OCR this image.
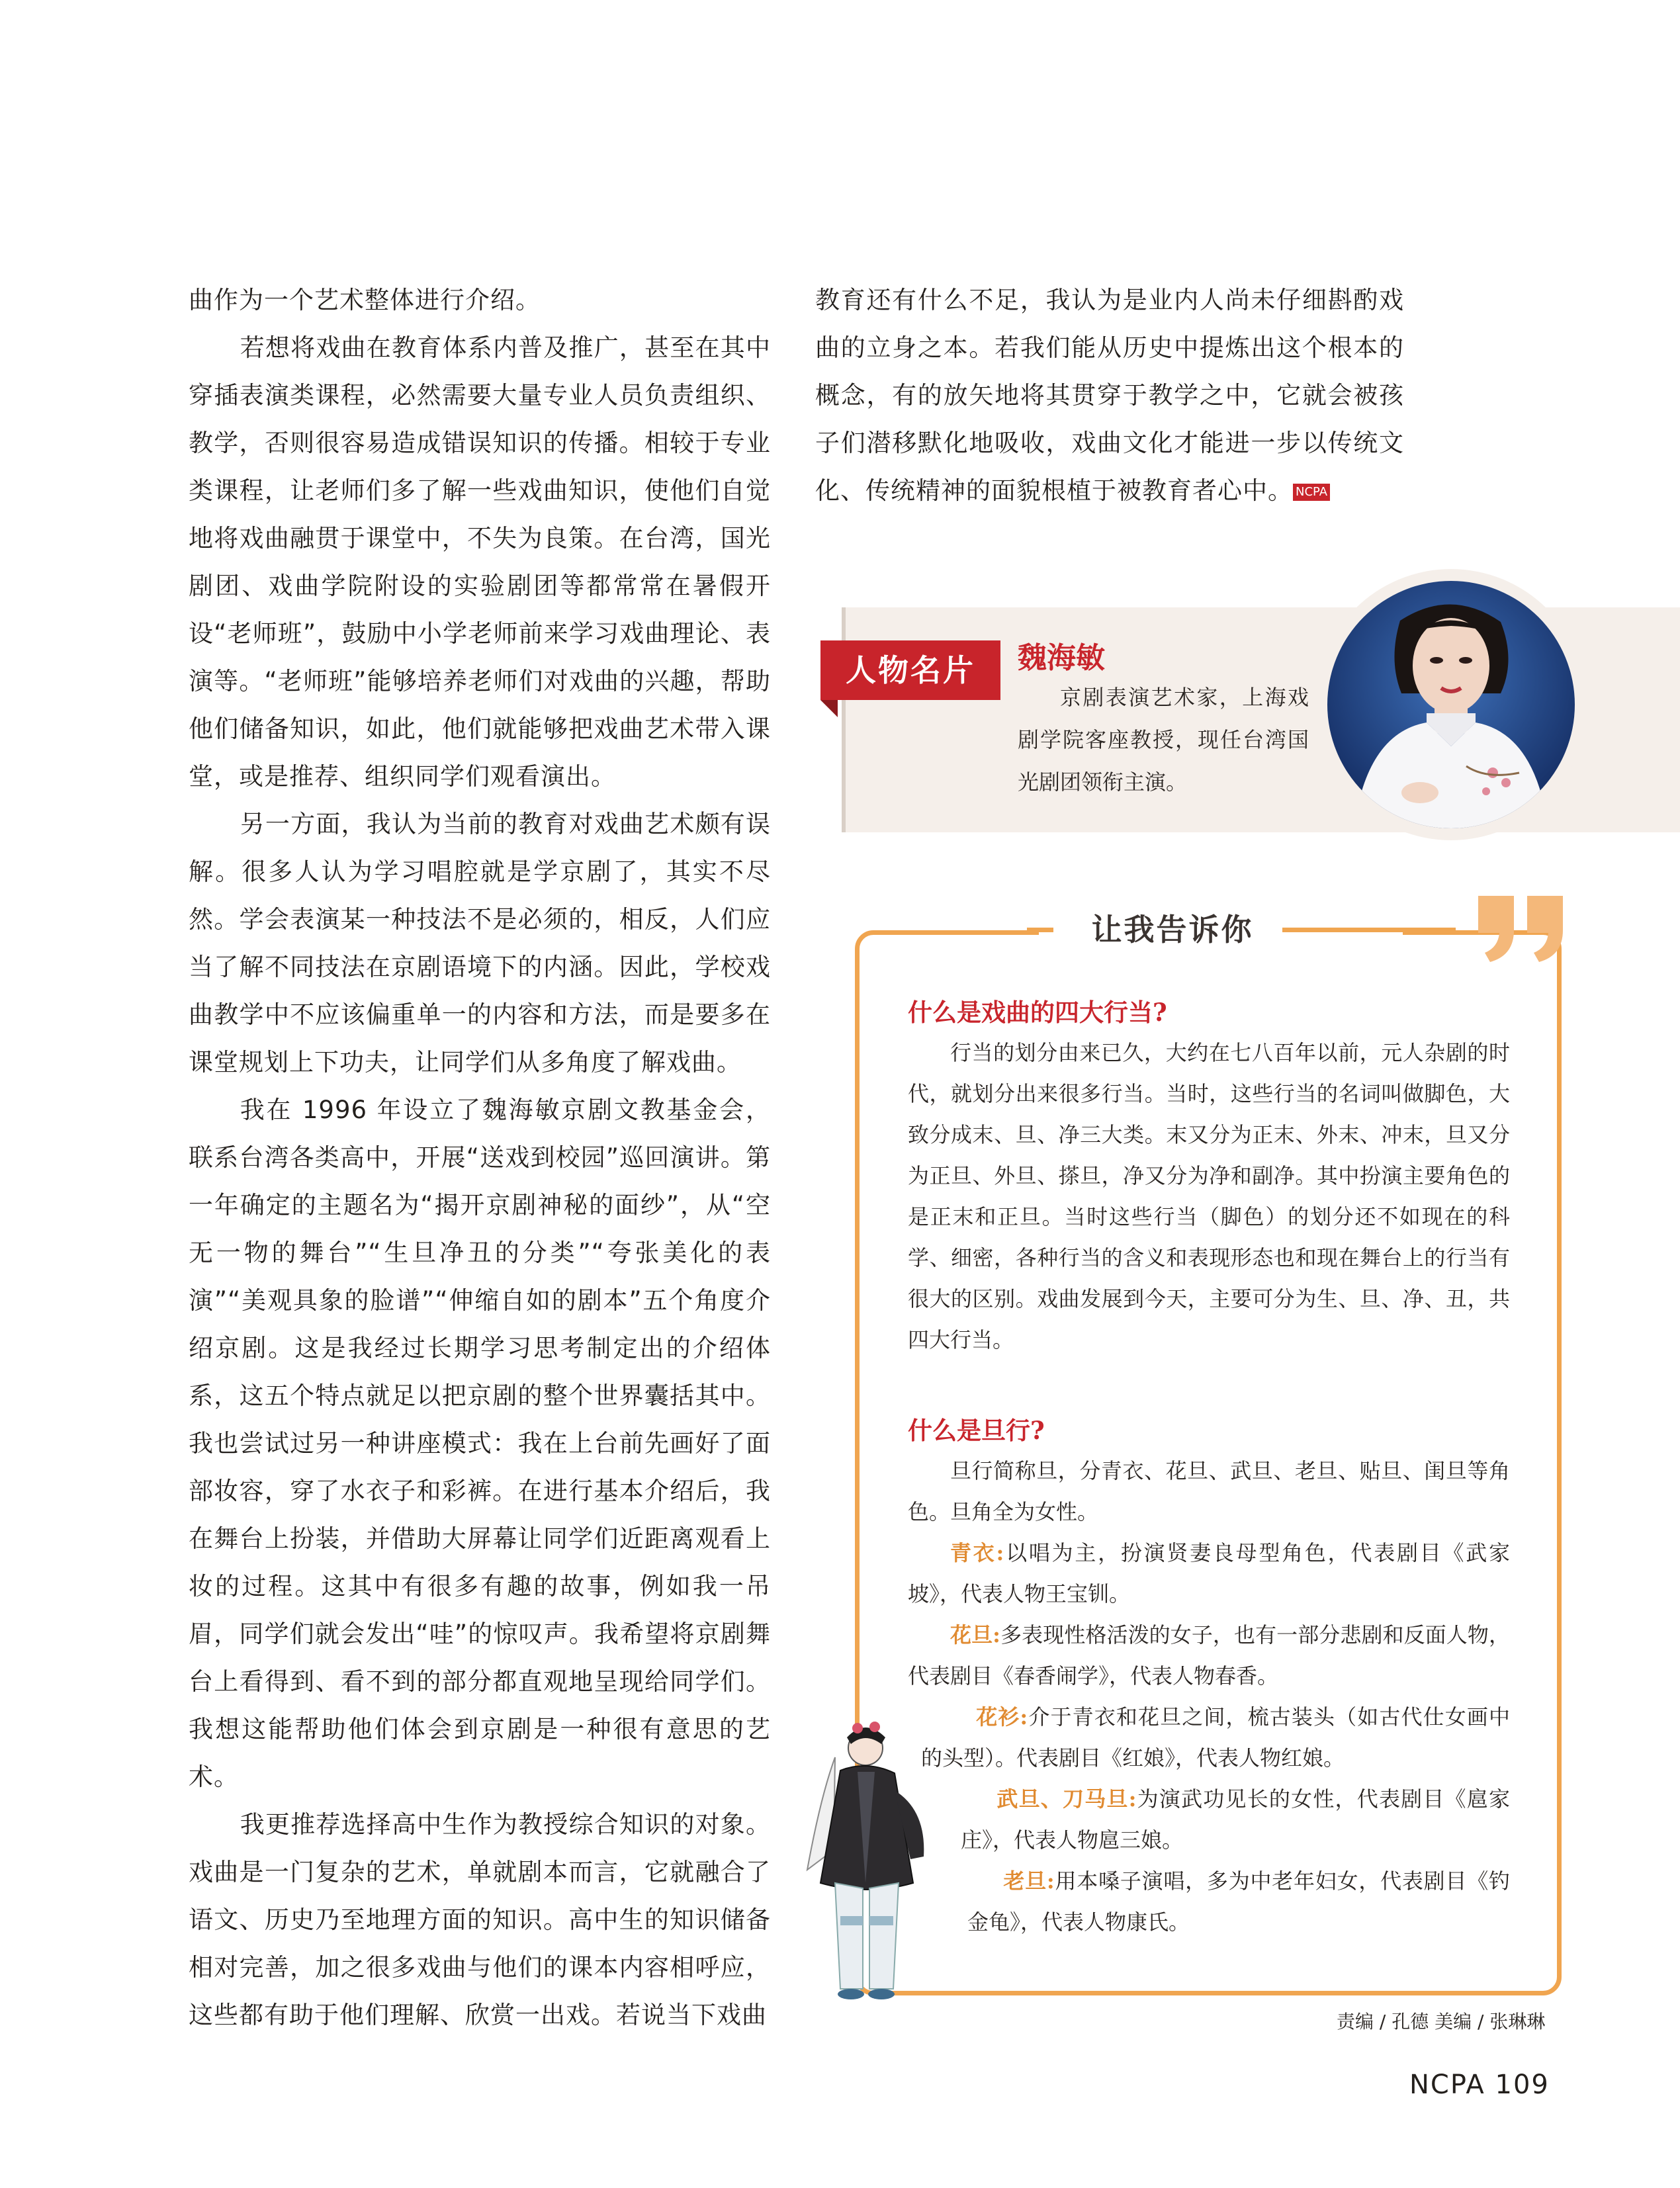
曲作为一个艺术整体进行介绍。

若想将戏曲在教育体系内普及推广，甚至在其中穿插表演类课程，必然需要大量专业人员负责组织、教学，否则很容易造成错误知识的传播。相较于专业类课程，让老师们多了解一些戏曲知识，使他们自觉地将戏曲融贯于课堂中，不失为良策。在台湾，国光剧团、戏曲学院附设的实验剧团等都常常在暑假开设“老师班”，鼓励中小学老师前来学习戏曲理论、表演等。“老师班”能够培养老师们对戏曲的兴趣，帮助他们储备知识，如此，他们就能够把戏曲艺术带入课堂，或是推荐、组织同学们观看演出。

另一方面，我认为当前的教育对戏曲艺术颇有误解。很多人认为学习唱腔就是学京剧了，其实不尽然。学会表演某一种技法不是必须的，相反，人们应当了解不同技法在京剧语境下的内涵。因此，学校戏曲教学中不应该偏重单一的内容和方法，而是要多在课堂规划上下功夫，让同学们从多角度了解戏曲。

我在 1996 年设立了魏海敏京剧文教基金会，联系台湾各类高中，开展“送戏到校园”巡回演讲。第一年确定的主题名为“揭开京剧神秘的面纱”，从“空无一物的舞台”“生旦净丑的分类”“夸张美化的表演”“美观具象的脸谱”“伸缩自如的剧本”五个角度介绍京剧。这是我经过长期学习思考制定出的介绍体系，这五个特点就足以把京剧的整个世界囊括其中。我也尝试过另一种讲座模式：我在上台前先画好了面部妆容，穿了水衣子和彩裤。在进行基本介绍后，我在舞台上扮装，并借助大屏幕让同学们近距离观看上妆的过程。这其中有很多有趣的故事，例如我一吊眉，同学们就会发出“哇”的惊叹声。我希望将京剧舞台上看得到、看不到的部分都直观地呈现给同学们。我想这能帮助他们体会到京剧是一种很有意思的艺术。

我更推荐选择高中生作为教授综合知识的对象。戏曲是一门复杂的艺术，单就剧本而言，它就融合了语文、历史乃至地理方面的知识。高中生的知识储备相对完善，加之很多戏曲与他们的课本内容相呼应，这些都有助于他们理解、欣赏一出戏。若说当下戏曲

教育还有什么不足，我认为是业内人尚未仔细斟酌戏曲的立身之本。若我们能从历史中提炼出这个根本的概念，有的放矢地将其贯穿于教学之中，它就会被孩子们潜移默化地吸收，戏曲文化才能进一步以传统文化、传统精神的面貌根植于被教育者心中。 NCPA

人物名片	魏海敏
京剧表演艺术家，上海戏剧学院客座教授，现任台湾国光剧团领衔主演。
让我告诉你
什么是戏曲的四大行当?
行当的划分由来已久，大约在七八百年以前，元人杂剧的时代，就划分出来很多行当。当时，这些行当的名词叫做脚色，大致分成末、旦、净三大类。末又分为正末、外末、冲末，旦又分为正旦、外旦、搽旦，净又分为净和副净。其中扮演主要角色的是正末和正旦。当时这些行当（脚色）的划分还不如现在的科学、细密，各种行当的含义和表现形态也和现在舞台上的行当有很大的区别。戏曲发展到今天，主要可分为生、旦、净、丑，共四大行当。
什么是旦行?
旦行简称旦，分青衣、花旦、武旦、老旦、贴旦、闺旦等角色。旦角全为女性。
青衣:以唱为主，扮演贤妻良母型角色，代表剧目《武家坡》，代表人物王宝钏。
花旦:多表现性格活泼的女子，也有一部分悲剧和反面人物，代表剧目《春香闹学》，代表人物春香。
花衫:介于青衣和花旦之间，梳古装头（如古代仕女画中的头型）。代表剧目《红娘》，代表人物红娘。
武旦、刀马旦:为演武功见长的女性，代表剧目《扈家庄》，代表人物扈三娘。
老旦:用本嗓子演唱，多为中老年妇女，代表剧目《钓金龟》，代表人物康氏。
责编 / 孔德 美编 / 张琳琳
NCPA 109
